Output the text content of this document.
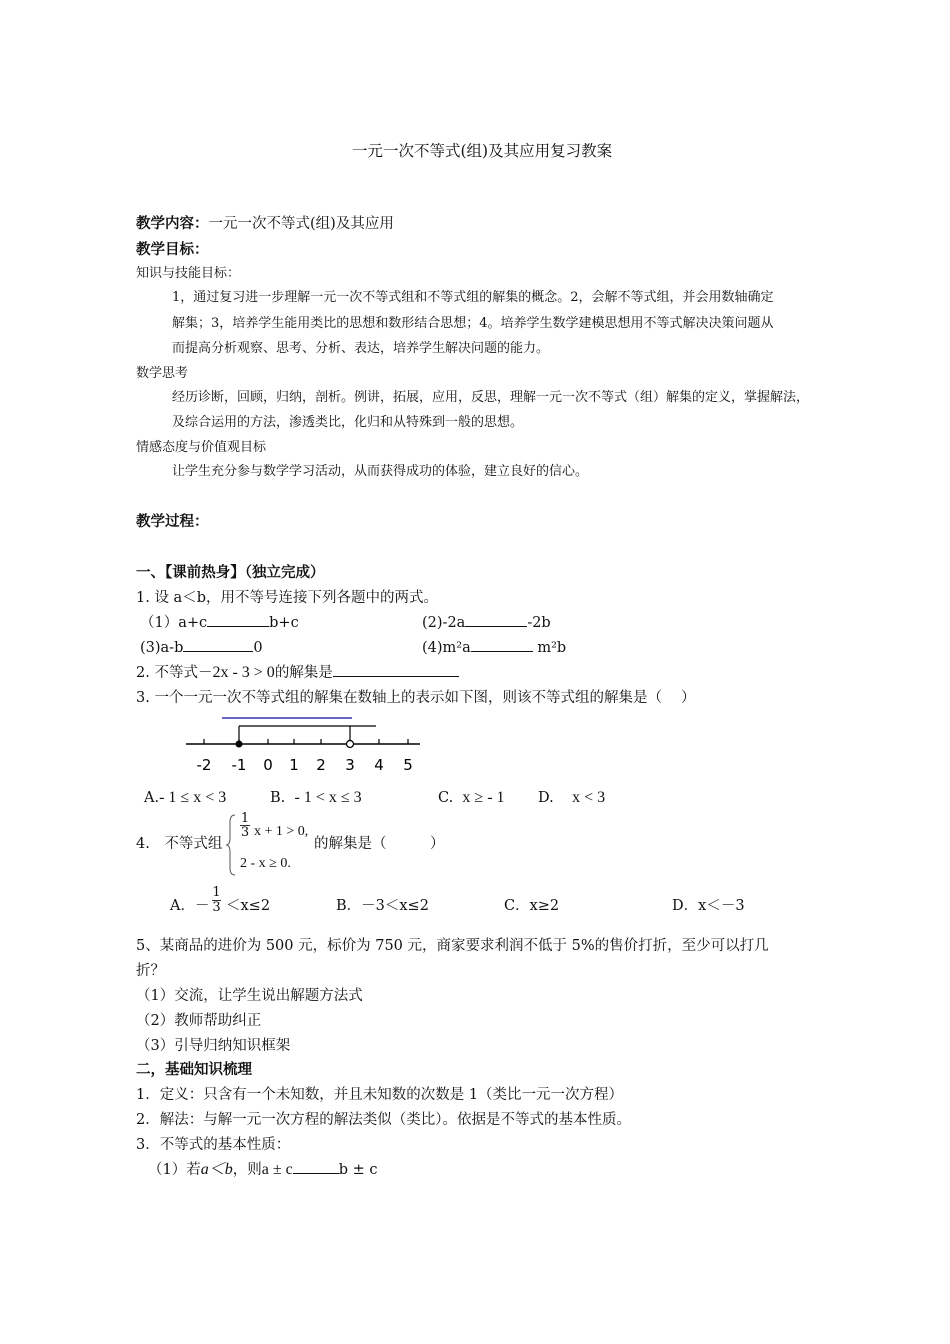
一元一次不等式(组)及其应用复习教案
教学内容：一元一次不等式(组)及其应用
教学目标：
知识与技能目标：
1，通过复习进一步理解一元一次不等式组和不等式组的解集的概念。2，会解不等式组，并会用数轴确定
解集；3，培养学生能用类比的思想和数形结合思想；4。培养学生数学建模思想用不等式解决决策问题从
而提高分析观察、思考、分析、表达，培养学生解决问题的能力。
数学思考
经历诊断，回顾，归纳，剖析。例讲，拓展，应用，反思，理解一元一次不等式（组）解集的定义，掌握解法，
及综合运用的方法，渗透类比，化归和从特殊到一般的思想。
情感态度与价值观目标
让学生充分参与数学学习活动，从而获得成功的体验，建立良好的信心。
教学过程：
一、【课前热身】（独立完成）
1. 设 a＜b，用不等号连接下列各题中的两式。
（1）a+c	b+c	(2)-2a	-2b
(3)a-b	0	(4)m²a	m²b
2. 不等式－2x - 3 > 0的解集是
3. 一个一元一次不等式组的解集在数轴上的表示如下图，则该不等式组的解集是（　 ）
-2 -1 0 1 2 3 4 5
A.- 1 ≤ x < 3	B. - 1 < x ≤ 3	C. x ≥ - 1 D. x < 3
4.　不等式组
$\frac{1}{3}$ x + 1 > 0,
2 - x ≥ 0.
的解集是（　　　）
A．－ $\frac{1}{3} <x\le 2$	B．－3＜x≤2	C．x≥2	D．x＜－3
5、某商品的进价为 500 元，标价为 750 元，商家要求利润不低于 5%的售价打折，至少可以打几
折？
（1）交流，让学生说出解题方法式
（2）教师帮助纠正
（3）引导归纳知识框架
二，基础知识梳理
1．定义：只含有一个未知数，并且未知数的次数是 1（类比一元一次方程）
2．解法：与解一元一次方程的解法类似（类比）。依据是不等式的基本性质。
3．不等式的基本性质：
（1）若a＜b，则a ± c	b ± c
